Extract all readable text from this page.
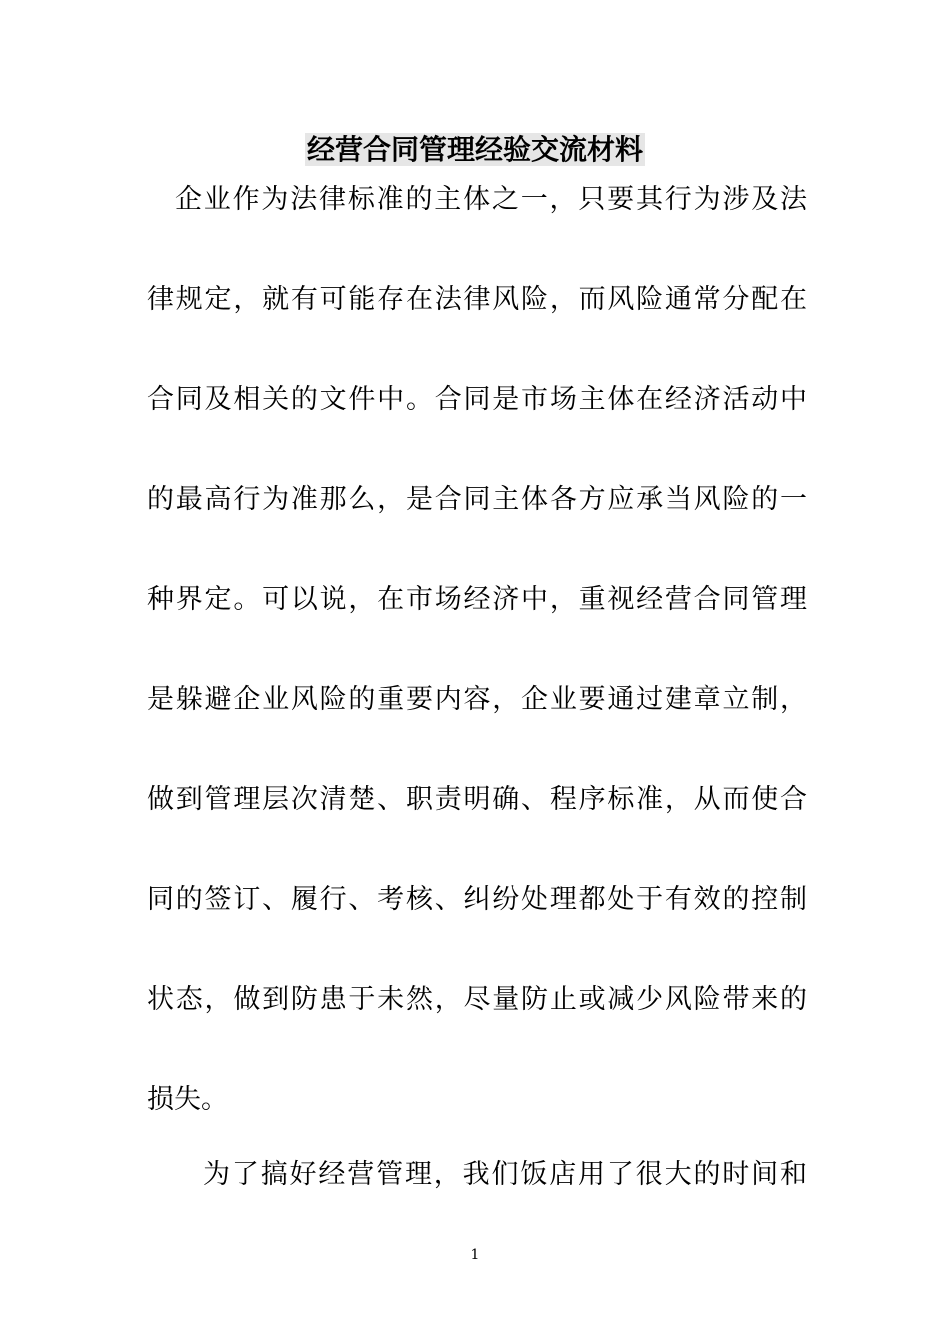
经营合同管理经验交流材料
企业作为法律标准的主体之一，只要其行为涉及法
律规定，就有可能存在法律风险，而风险通常分配在
合同及相关的文件中。合同是市场主体在经济活动中
的最高行为准那么，是合同主体各方应承当风险的一
种界定。可以说，在市场经济中，重视经营合同管理
是躲避企业风险的重要内容，企业要通过建章立制，
做到管理层次清楚、职责明确、程序标准，从而使合
同的签订、履行、考核、纠纷处理都处于有效的控制
状态，做到防患于未然，尽量防止或减少风险带来的
损失。
为了搞好经营管理，我们饭店用了很大的时间和
1
